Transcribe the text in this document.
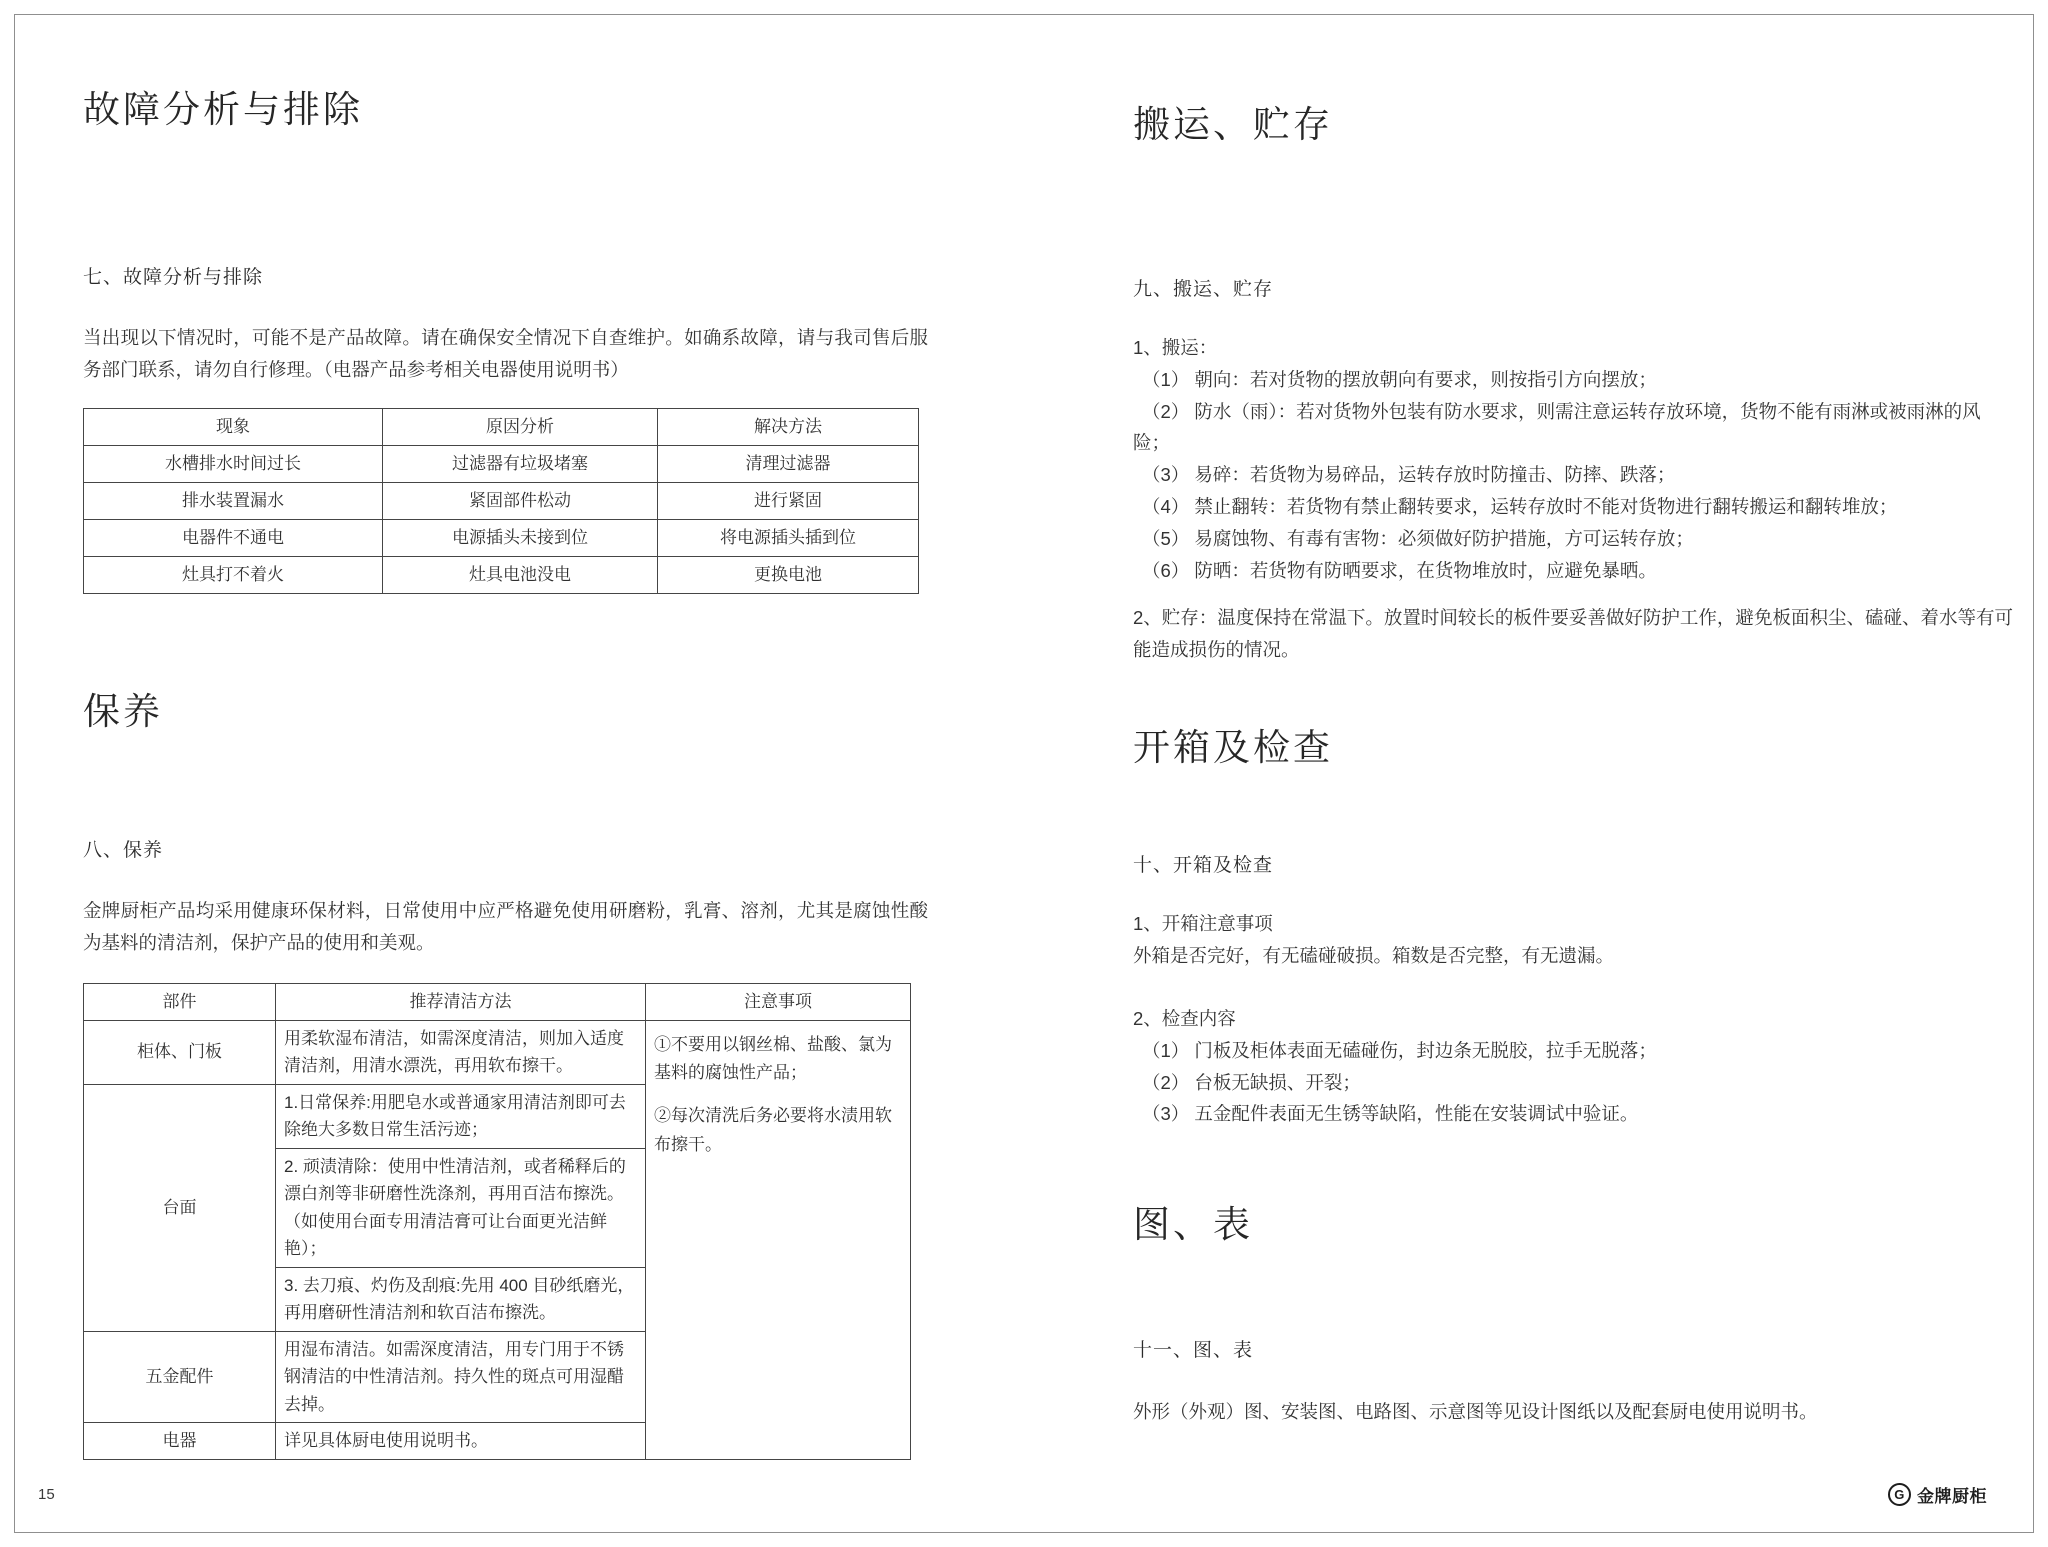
故障分析与排除
七、故障分析与排除
当出现以下情况时，可能不是产品故障。请在确保安全情况下自查维护。如确系故障，请与我司售后服务部门联系，请勿自行修理。（电器产品参考相关电器使用说明书）
现象	原因分析	解决方法
水槽排水时间过长	过滤器有垃圾堵塞	清理过滤器
排水装置漏水	紧固部件松动	进行紧固
电器件不通电	电源插头未接到位	将电源插头插到位
灶具打不着火	灶具电池没电	更换电池
保养
八、保养
金牌厨柜产品均采用健康环保材料，日常使用中应严格避免使用研磨粉，乳膏、溶剂，尤其是腐蚀性酸为基料的清洁剂，保护产品的使用和美观。
部件	推荐清洁方法	注意事项
柜体、门板	用柔软湿布清洁，如需深度清洁，则加入适度清洁剂，用清水漂洗，再用软布擦干。	①不要用以钢丝棉、盐酸、氯为基料的腐蚀性产品；

②每次清洗后务必要将水渍用软布擦干。

台面	1.日常保养:用肥皂水或普通家用清洁剂即可去除绝大多数日常生活污迹；	
	2. 顽渍清除：使用中性清洁剂，或者稀释后的漂白剂等非研磨性洗涤剂，再用百洁布擦洗。（如使用台面专用清洁膏可让台面更光洁鲜艳）；	
	3. 去刀痕、灼伤及刮痕:先用 400 目砂纸磨光，再用磨研性清洁剂和软百洁布擦洗。	
五金配件	用湿布清洁。如需深度清洁，用专门用于不锈钢清洁的中性清洁剂。持久性的斑点可用湿醋去掉。	
电器	详见具体厨电使用说明书。	
搬运、贮存
九、搬运、贮存
1、搬运：
（1） 朝向：若对货物的摆放朝向有要求，则按指引方向摆放；
（2） 防水（雨）：若对货物外包装有防水要求，则需注意运转存放环境，货物不能有雨淋或被雨淋的风险；
（3） 易碎：若货物为易碎品，运转存放时防撞击、防摔、跌落；
（4） 禁止翻转：若货物有禁止翻转要求，运转存放时不能对货物进行翻转搬运和翻转堆放；
（5） 易腐蚀物、有毒有害物：必须做好防护措施，方可运转存放；
（6） 防晒：若货物有防晒要求，在货物堆放时，应避免暴晒。
2、贮存：温度保持在常温下。放置时间较长的板件要妥善做好防护工作，避免板面积尘、磕碰、着水等有可能造成损伤的情况。
开箱及检查
十、开箱及检查
1、开箱注意事项
外箱是否完好，有无磕碰破损。箱数是否完整，有无遗漏。
2、检查内容
（1） 门板及柜体表面无磕碰伤，封边条无脱胶，拉手无脱落；
（2） 台板无缺损、开裂；
（3） 五金配件表面无生锈等缺陷，性能在安装调试中验证。
图、表
十一、图、表
外形（外观）图、安装图、电路图、示意图等见设计图纸以及配套厨电使用说明书。
15	G 金牌厨柜
